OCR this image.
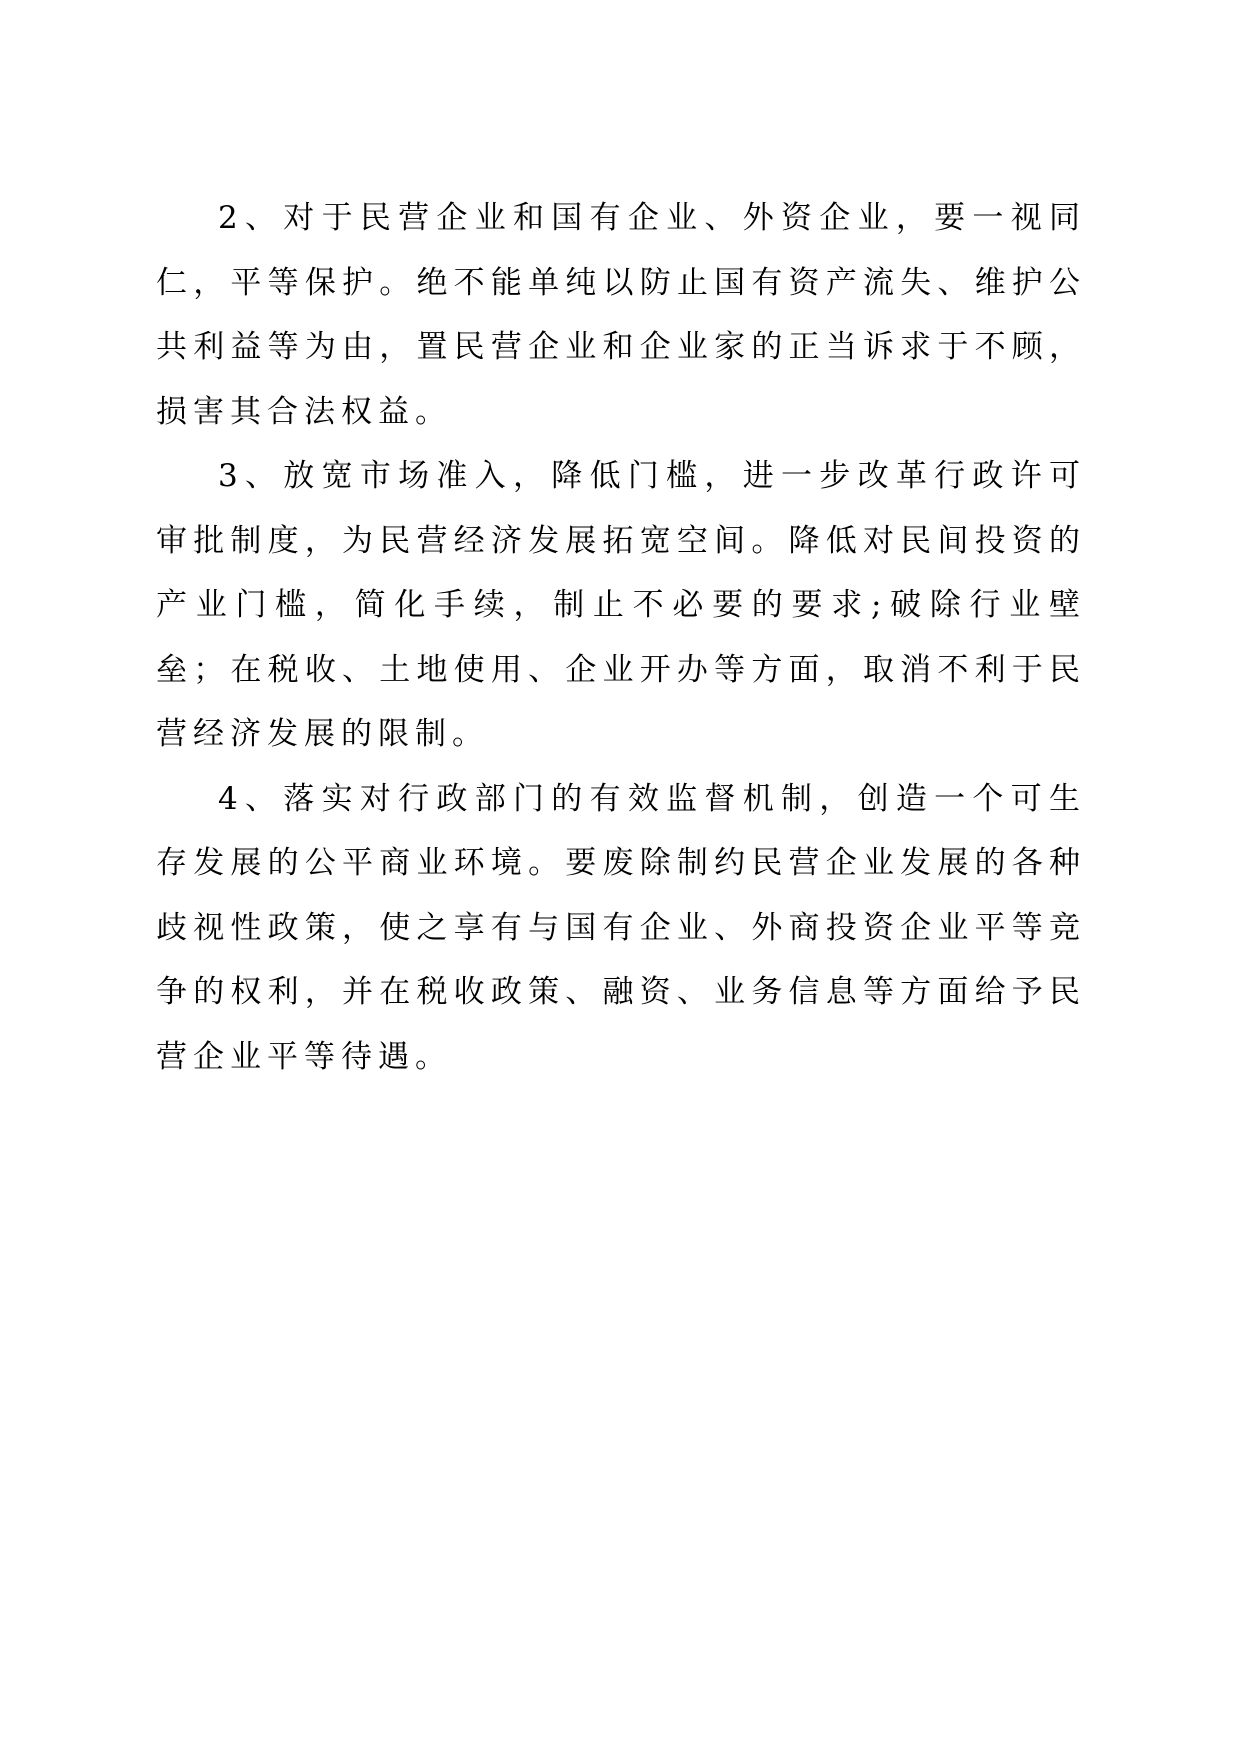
2、对于民营企业和国有企业、外资企业，要一视同仁，平等保护。绝不能单纯以防止国有资产流失、维护公共利益等为由，置民营企业和企业家的正当诉求于不顾，损害其合法权益。

3、放宽市场准入，降低门槛，进一步改革行政许可审批制度，为民营经济发展拓宽空间。降低对民间投资的产业门槛，简化手续，制止不必要的要求;破除行业壁垒；在税收、土地使用、企业开办等方面，取消不利于民营经济发展的限制。

4、落实对行政部门的有效监督机制，创造一个可生存发展的公平商业环境。要废除制约民营企业发展的各种歧视性政策，使之享有与国有企业、外商投资企业平等竞争的权利，并在税收政策、融资、业务信息等方面给予民营企业平等待遇。
